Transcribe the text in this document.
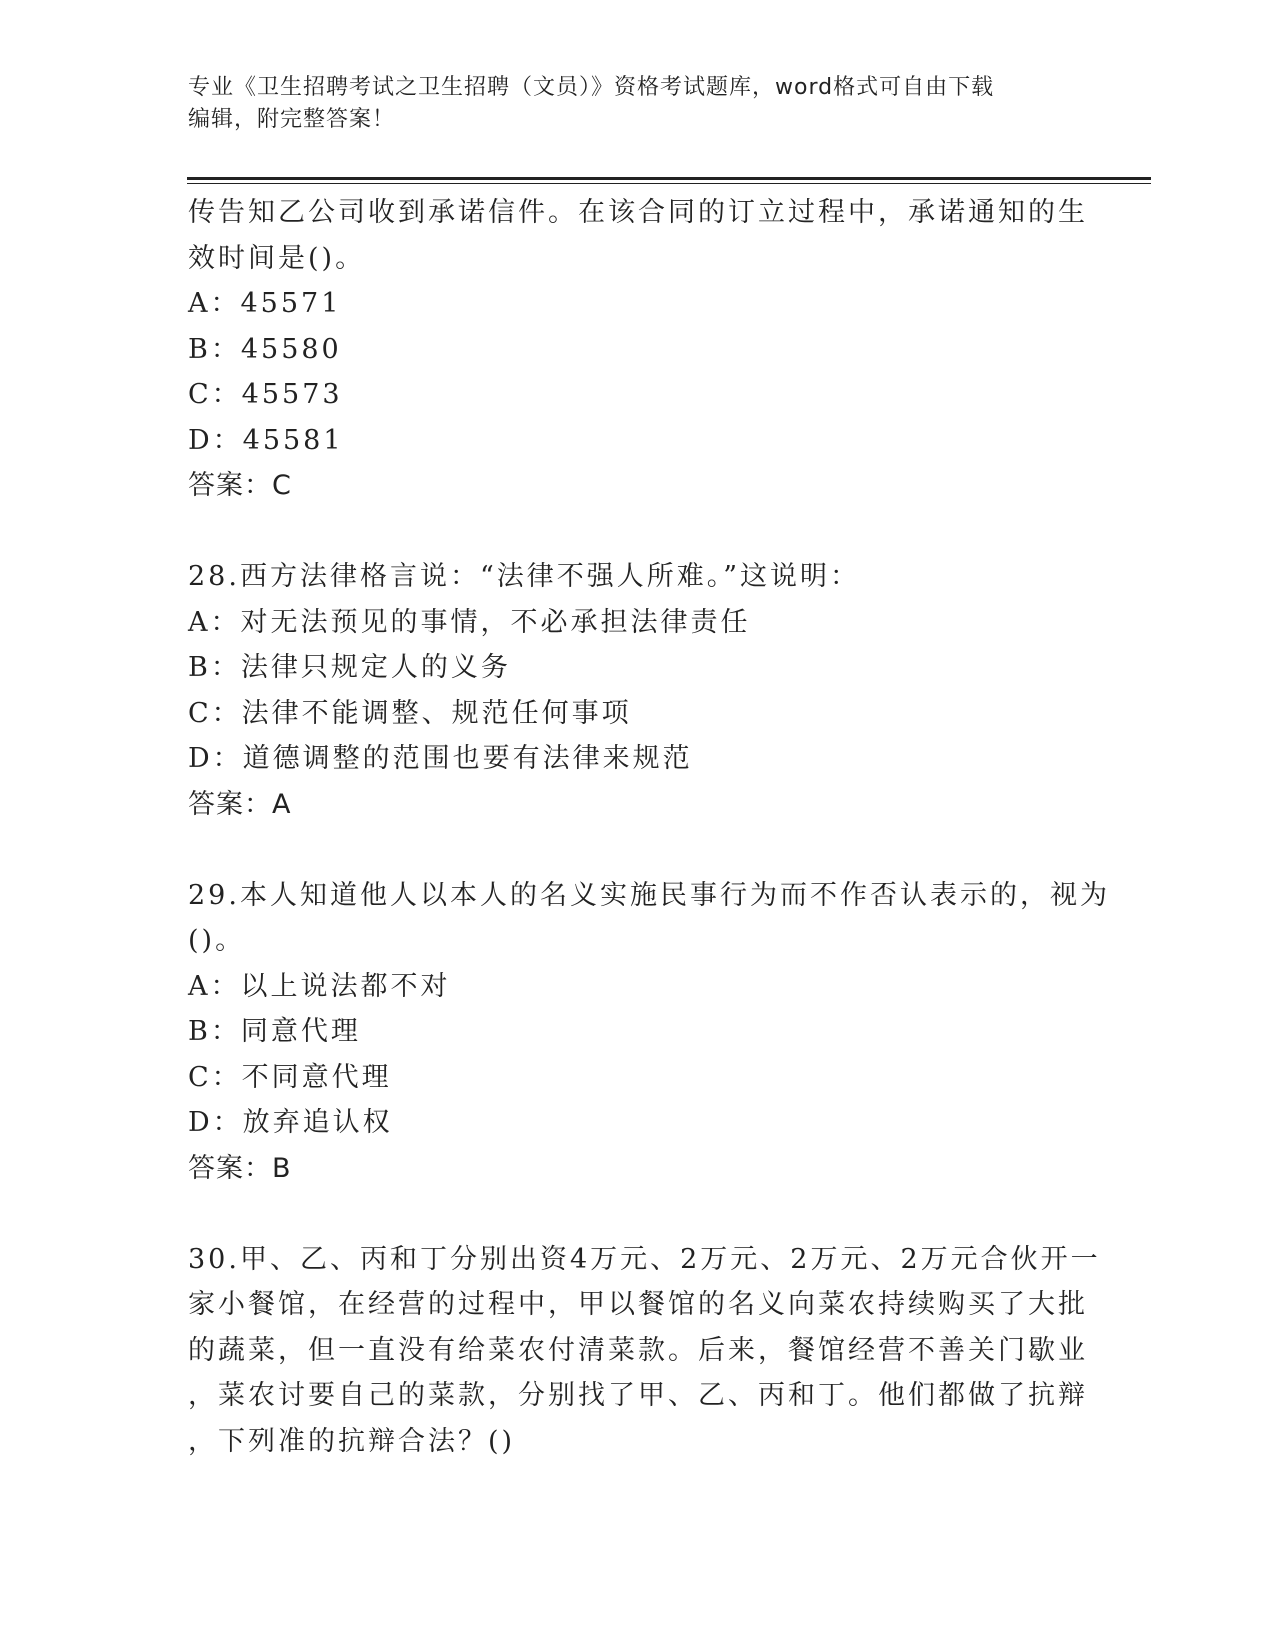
专业《卫生招聘考试之卫生招聘（文员）》资格考试题库，word格式可自由下载
编辑，附完整答案！
传告知乙公司收到承诺信件。在该合同的订立过程中，承诺通知的生
效时间是()。
A：45571
B：45580
C：45573
D：45581
答案：C
28.西方法律格言说：“法律不强人所难。”这说明：
A：对无法预见的事情，不必承担法律责任
B：法律只规定人的义务
C：法律不能调整、规范任何事项
D：道德调整的范围也要有法律来规范
答案：A
29.本人知道他人以本人的名义实施民事行为而不作否认表示的，视为
()。
A：以上说法都不对
B：同意代理
C：不同意代理
D：放弃追认权
答案：B
30.甲、乙、丙和丁分别出资4万元、2万元、2万元、2万元合伙开一
家小餐馆，在经营的过程中，甲以餐馆的名义向菜农持续购买了大批
的蔬菜，但一直没有给菜农付清菜款。后来，餐馆经营不善关门歇业
，菜农讨要自己的菜款，分别找了甲、乙、丙和丁。他们都做了抗辩
，下列准的抗辩合法？()
